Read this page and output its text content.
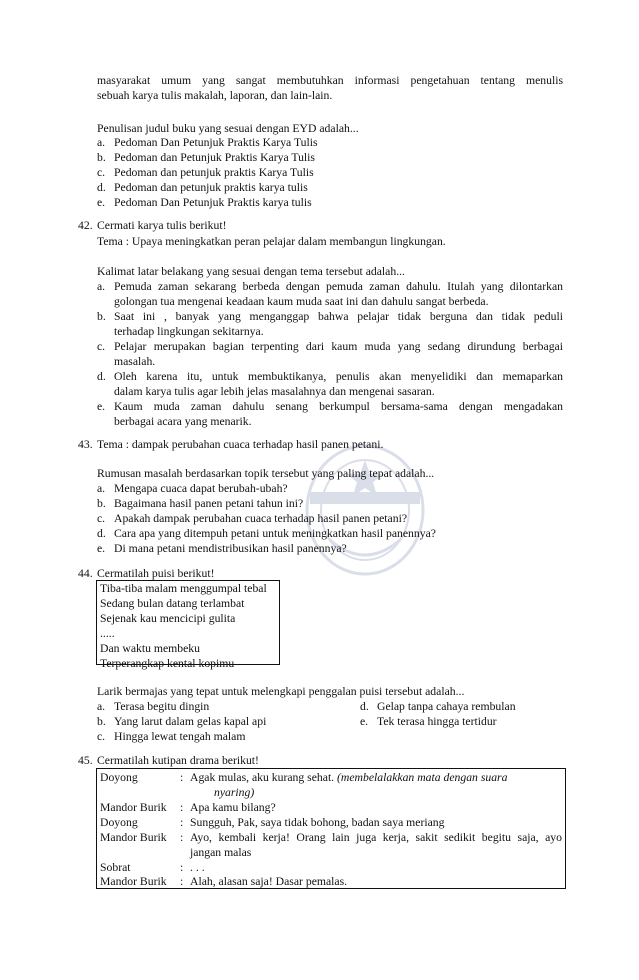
masyarakat umum yang sangat membutuhkan informasi pengetahuan tentang menulis
sebuah karya tulis makalah, laporan, dan lain-lain.
Penulisan judul buku yang sesuai dengan EYD adalah...
a. Pedoman Dan Petunjuk Praktis Karya Tulis
b. Pedoman dan Petunjuk Praktis Karya Tulis
c. Pedoman dan petunjuk praktis Karya Tulis
d. Pedoman dan petunjuk praktis karya tulis
e. Pedoman Dan Petunjuk Praktis karya tulis
42. Cermati karya tulis berikut!
Tema : Upaya meningkatkan peran pelajar dalam membangun lingkungan.
Kalimat latar belakang yang sesuai dengan tema tersebut adalah...
a. Pemuda zaman sekarang berbeda dengan pemuda zaman dahulu. Itulah yang dilontarkan
golongan tua mengenai keadaan kaum muda saat ini dan dahulu sangat berbeda.
b. Saat ini , banyak yang menganggap bahwa pelajar tidak berguna dan tidak peduli
terhadap lingkungan sekitarnya.
c. Pelajar merupakan bagian terpenting dari kaum muda yang sedang dirundung berbagai
masalah.
d. Oleh karena itu, untuk membuktikanya, penulis akan menyelidiki dan memaparkan
dalam karya tulis agar lebih jelas masalahnya dan mengenai sasaran.
e. Kaum muda zaman dahulu senang berkumpul bersama-sama dengan mengadakan
berbagai acara yang menarik.
43. Tema : dampak perubahan cuaca terhadap hasil panen petani.
Rumusan masalah berdasarkan topik tersebut yang paling tepat adalah...
a. Mengapa cuaca dapat berubah-ubah?
b. Bagaimana hasil panen petani tahun ini?
c. Apakah dampak perubahan cuaca terhadap hasil panen petani?
d. Cara apa yang ditempuh petani untuk meningkatkan hasil panennya?
e. Di mana petani mendistribusikan hasil panennya?
44. Cermatilah puisi berikut!
Tiba-tiba malam menggumpal tebal
Sedang bulan datang terlambat
Sejenak kau mencicipi gulita
.....
Dan waktu membeku
Terperangkap kental kopimu
Larik bermajas yang tepat untuk melengkapi penggalan puisi tersebut adalah...
a. Terasa begitu dingin	d. Gelap tanpa cahaya rembulan
b. Yang larut dalam gelas kapal api	e. Tek terasa hingga tertidur
c. Hingga lewat tengah malam
45. Cermatilah kutipan drama berikut!
Doyong	: Agak mulas, aku kurang sehat. (membelalakkan mata dengan suara
nyaring)
Mandor Burik : Apa kamu bilang?
Doyong	: Sungguh, Pak, saya tidak bohong, badan saya meriang
Mandor Burik : Ayo, kembali kerja! Orang lain juga kerja, sakit sedikit begitu saja, ayo
jangan malas
Sobrat	: . . .
Mandor Burik : Alah, alasan saja! Dasar pemalas.
